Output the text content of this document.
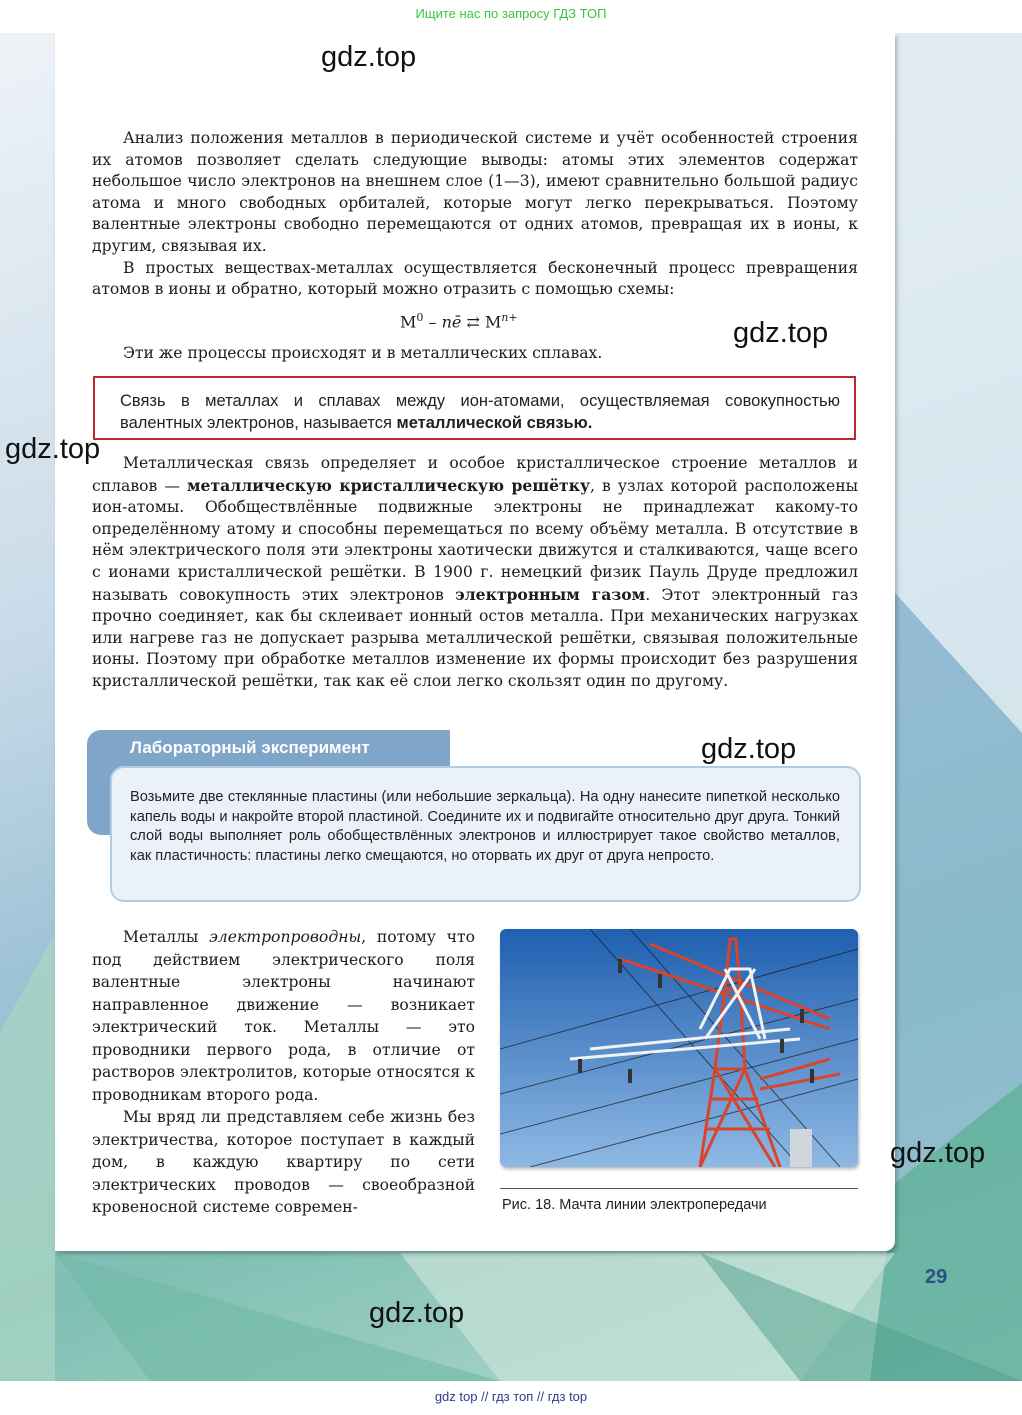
Ищите нас по запросу ГДЗ ТОП
gdz.top

Анализ положения металлов в периодической системе и учёт особенностей строения их атомов позволяет сделать следующие выводы: атомы этих элементов содержат небольшое число электронов на внешнем слое (1—3), имеют сравнительно большой радиус атома и много свободных орбиталей, которые могут легко перекрываться. Поэтому валентные электроны свободно перемещаются от одних атомов, превращая их в ионы, к другим, связывая их.

В простых веществах-металлах осуществляется бесконечный процесс превращения атомов в ионы и обратно, который можно отразить с помощью схемы:

$M^0$ – nē ⇄ $M^{n+}$

Эти же процессы происходят и в металлических сплавах.

gdz.top
Связь в металлах и сплавах между ион-атомами, осуществляемая совокупностью валентных электронов, называется металлической связью.
gdz.top	Металлическая связь определяет и особое кристаллическое строение металлов и сплавов — металлическую кристаллическую решётку, в узлах которой расположены ион-атомы. Обобществлённые подвижные электроны не принадлежат какому-то определённому атому и способны перемещаться по всему объёму металла. В отсутствие в нём электрического поля эти электроны хаотически движутся и сталкиваются, чаще всего с ионами кристаллической решётки. В 1900 г. немецкий физик Пауль Друде предложил называть совокупность этих электронов электронным газом. Этот электронный газ прочно соединяет, как бы склеивает ионный остов металла. При механических нагрузках или нагреве газ не допускает разрыва металлической решётки, связывая положительные ионы. Поэтому при обработке металлов изменение их формы происходит без разрушения кристаллической решётки, так как её слои легко скользят один по другому.

Лабораторный эксперимент
Возьмите две стеклянные пластины (или небольшие зеркальца). На одну нанесите пипеткой несколько капель воды и накройте второй пластиной. Соедините их и подвигайте относительно друг друга. Тонкий слой воды выполняет роль обобществлённых электронов и иллюстрирует такое свойство металлов, как пластичность: пластины легко смещаются, но оторвать их друг от друга непросто.
gdz.top

Металлы электропроводны, потому что под действием электрического поля валентные электроны начинают направленное движение — возникает электрический ток. Металлы — это проводники первого рода, в отличие от растворов электролитов, которые относятся к проводникам второго рода.

Мы вряд ли представляем себе жизнь без электричества, которое поступает в каждый дом, в каждую квартиру по сети электрических проводов — своеобразной кровеносной системе современ-	Рис. 18. Мачта линии электропередачи
gdz.top
29
gdz.top
gdz top // гдз топ // гдз top
